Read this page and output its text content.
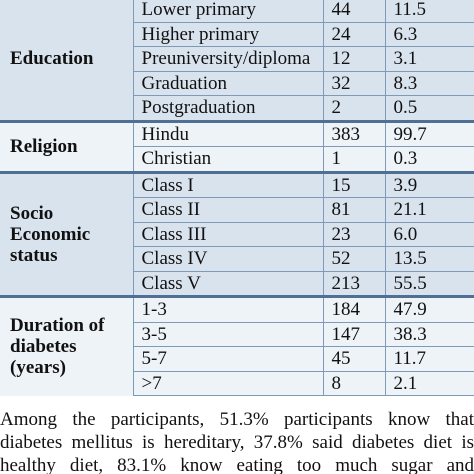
Education	Lower primary	44	11.5
	Higher primary	24	6.3
	Preuniversity/diploma	12	3.1
	Graduation	32	8.3
	Postgraduation	2	0.5
Religion	Hindu	383	99.7
	Christian	1	0.3
Socio Economic status	Class I	15	3.9
	Class II	81	21.1
	Class III	23	6.0
	Class IV	52	13.5
	Class V	213	55.5
Duration of diabetes (years)	1-3	184	47.9
	3-5	147	38.3
	5-7	45	11.7
	>7	8	2.1

Among the participants, 51.3% participants know that

diabetes mellitus is hereditary, 37.8% said diabetes diet is

healthy diet, 83.1% know eating too much sugar and
